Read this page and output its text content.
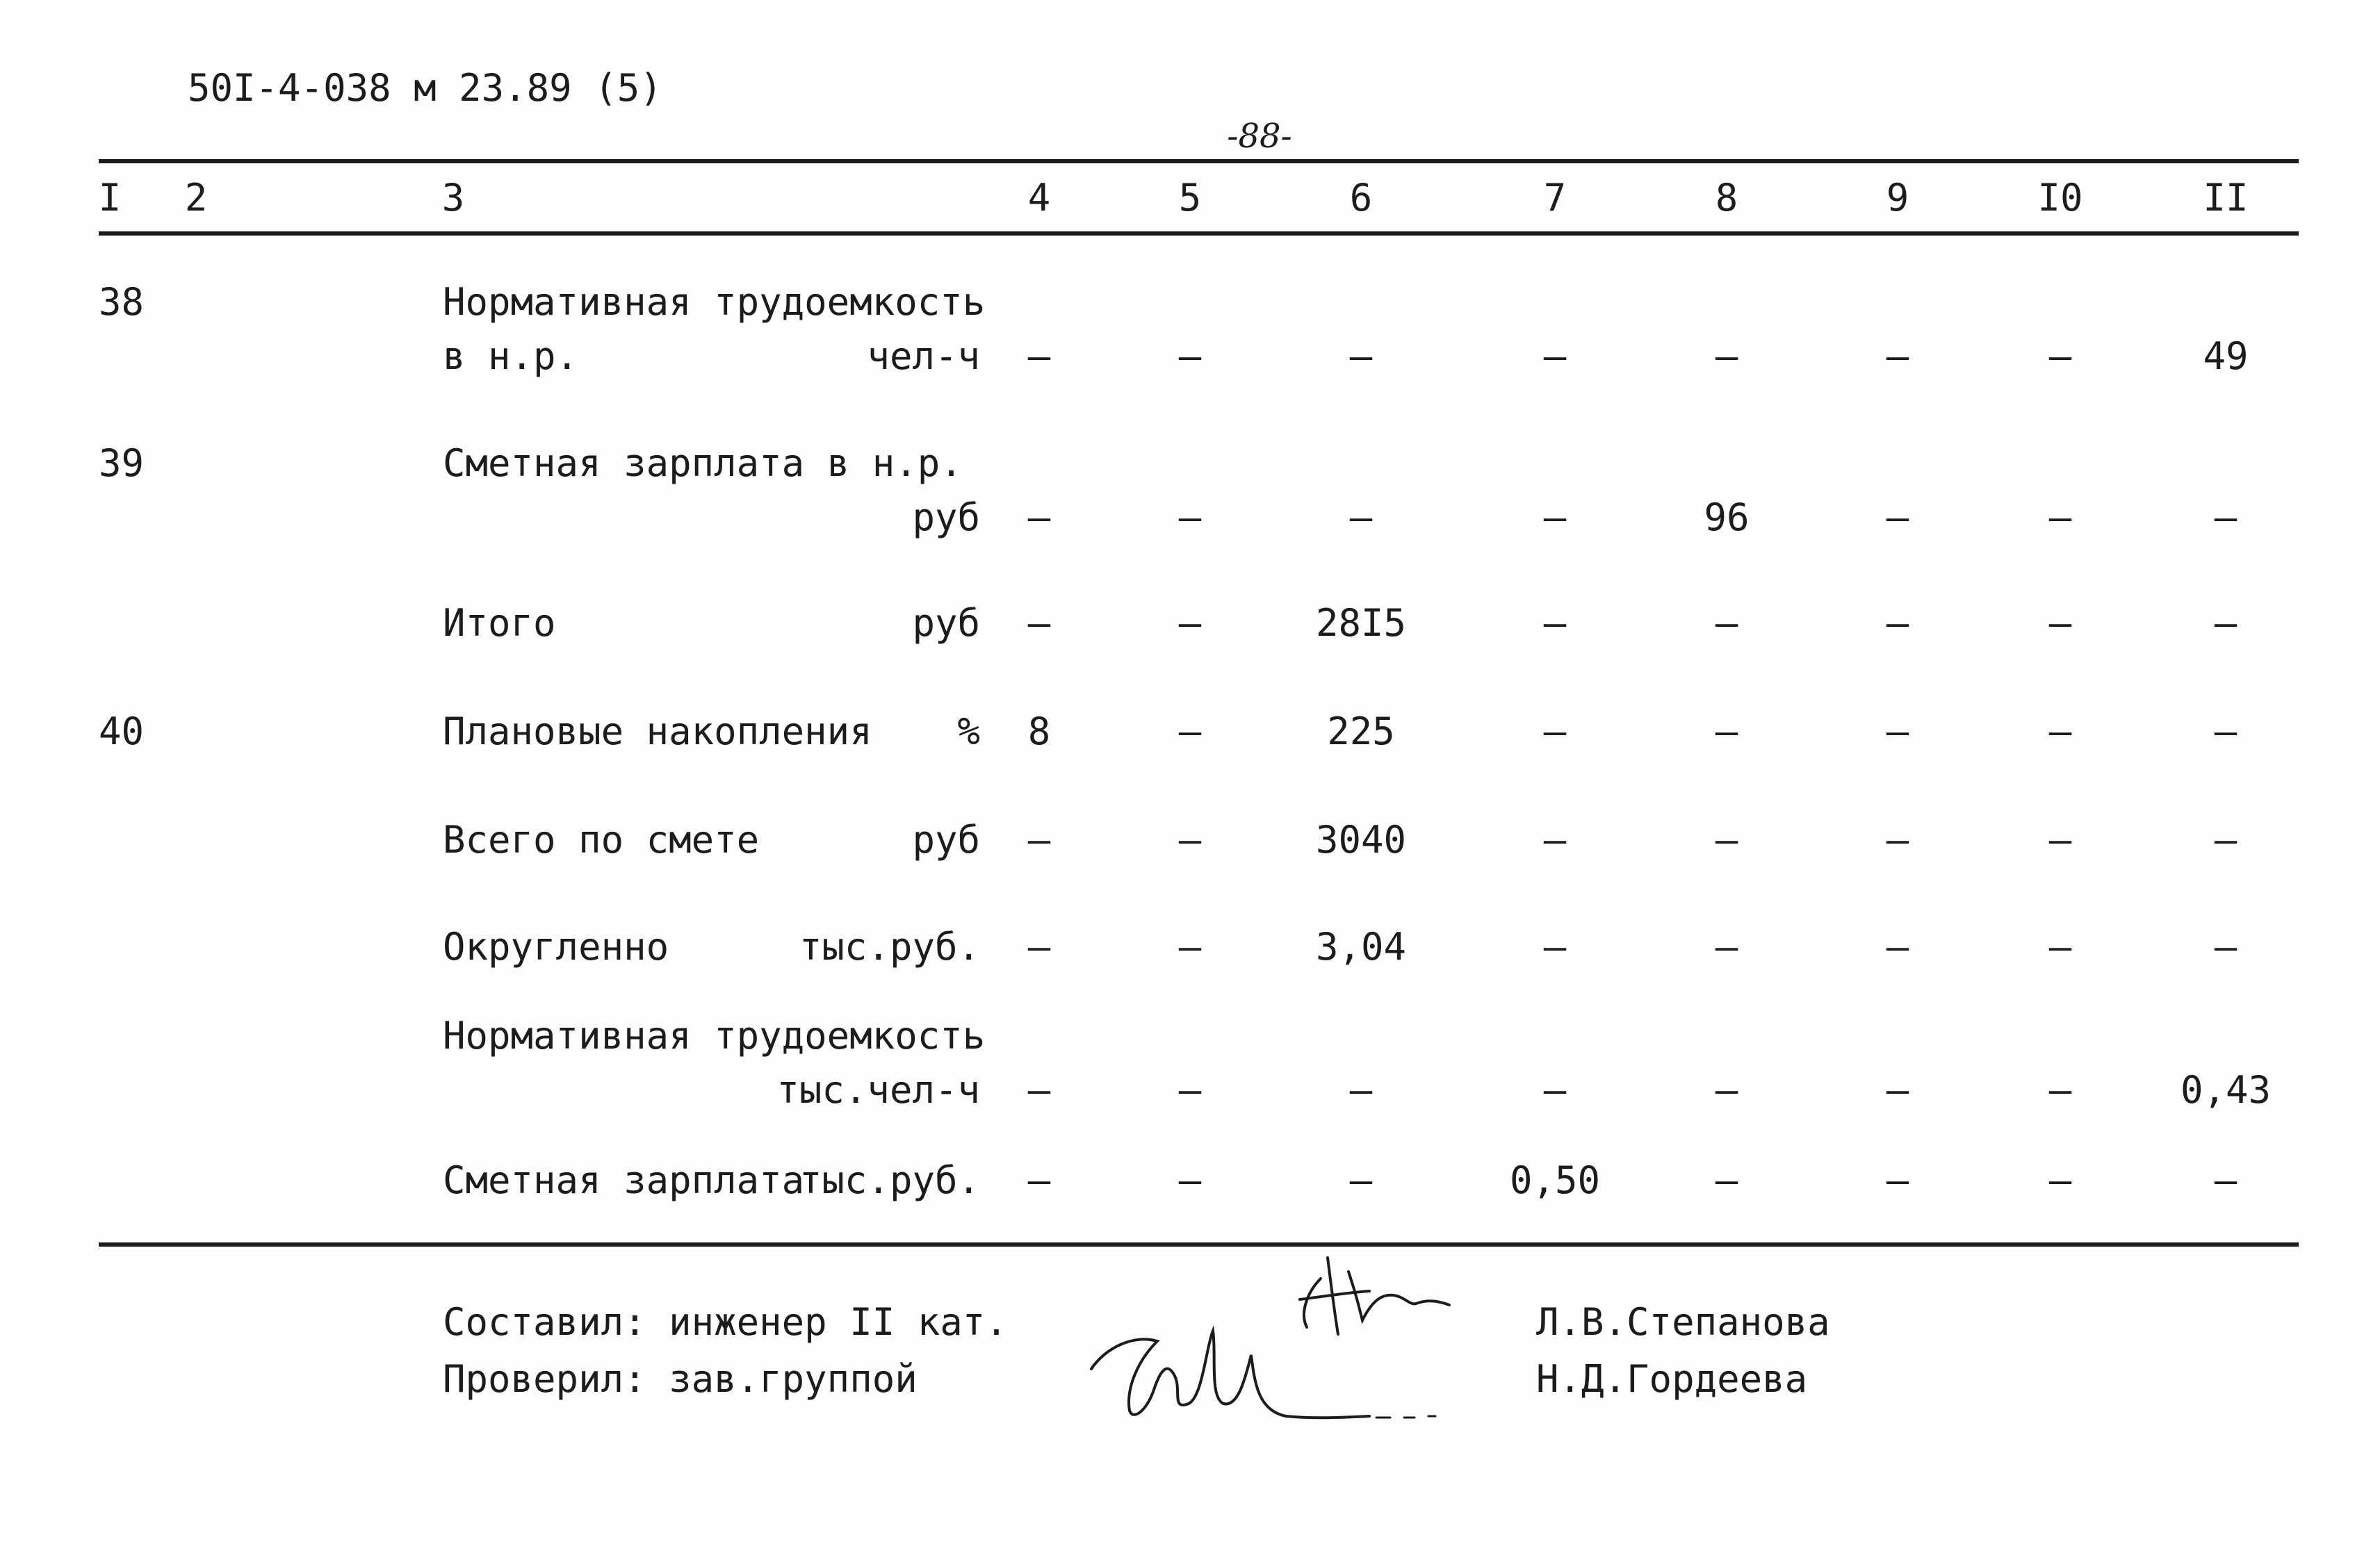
50I-4-038 м 23.89 (5)
-88-
I 2	3	4	5	6	7	8	9	I0	II
38	Нормативная трудоемкость
в н.р.	чел-ч –	–	–	–	–	–	–	49
39	Сметная зарплата в н.р.
руб –	–	–	–	96	–	–	–
Итого	руб –	–	28I5	–	–	–	–	–
40	Плановые накопления % 8	–	225	–	–	–	–	–
Всего по смете	руб –	–	3040	–	–	–	–	–
Округленно	тыс.руб. –	–	3,04	–	–	–	–	–
Нормативная трудоемкость
тыс.чел-ч –	–	–	–	–	–	–	0,43
Сметная зарплата
тыс.руб. –	–	–	0,50	–	–	–	–
Составил: инженер II кат.
Проверил: зав.группой
Л.В.Степанова
Н.Д.Гордеева
